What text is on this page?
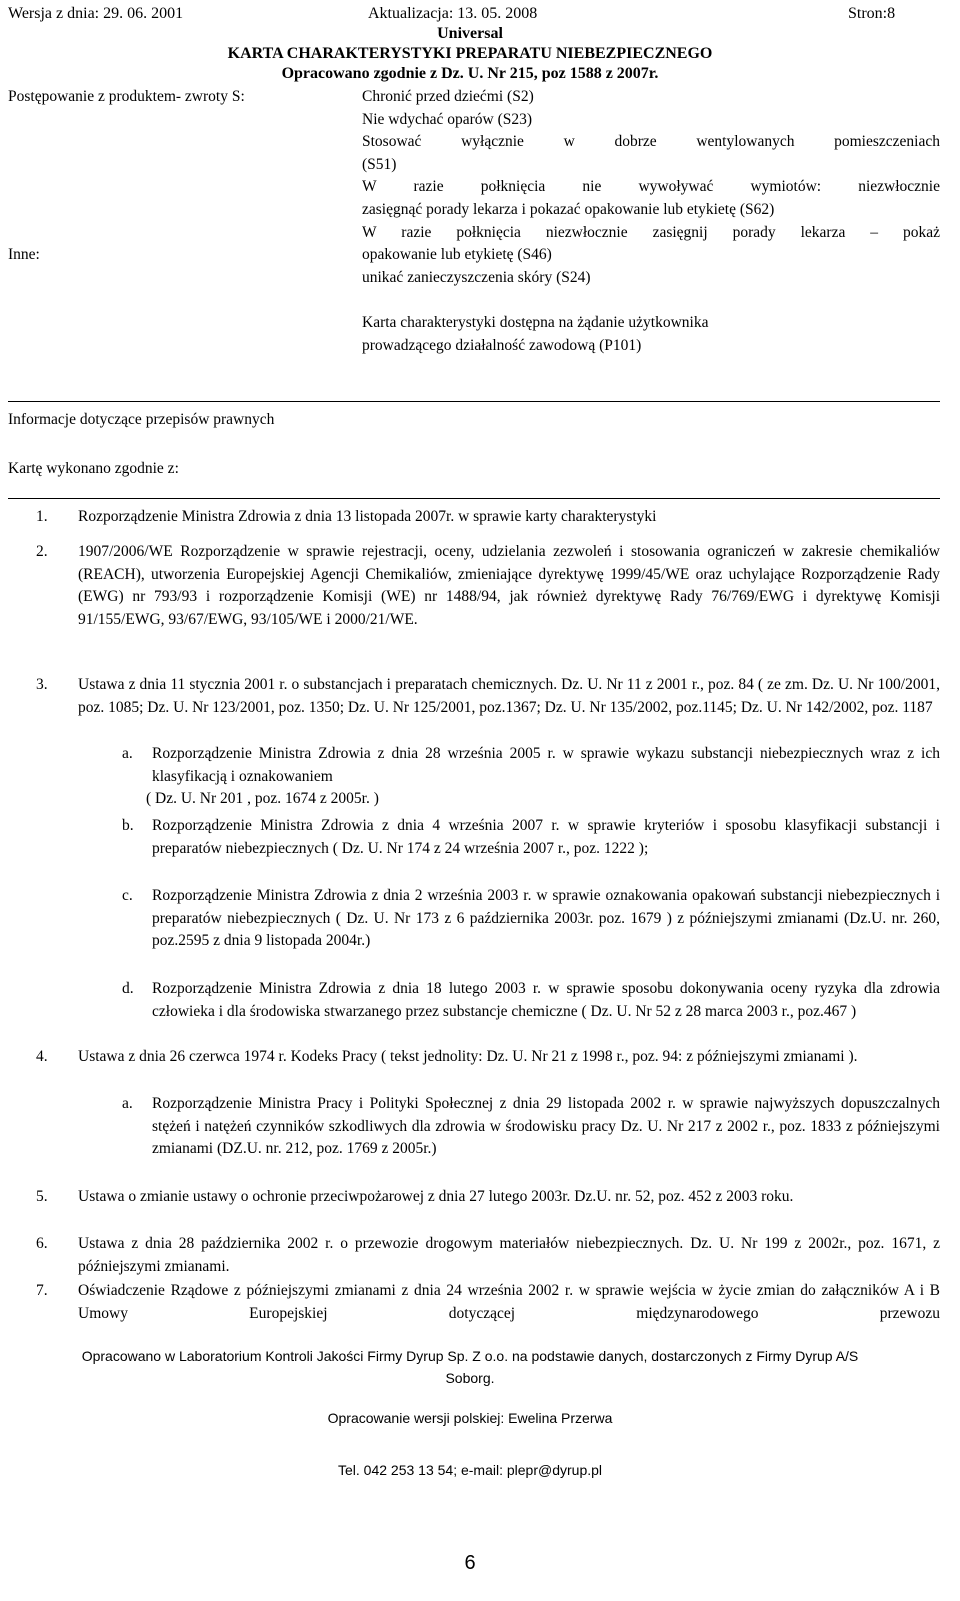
Wersja z dnia: 29. 06. 2001	Aktualizacja: 13. 05. 2008	Stron:8
Universal
KARTA CHARAKTERYSTYKI PREPARATU NIEBEZPIECZNEGO
Opracowano zgodnie z Dz. U. Nr 215, poz 1588 z 2007r.
Postępowanie z produktem- zwroty S:
Inne:
Chronić przed dziećmi (S2)
Nie wdychać oparów (S23)
Stosować wyłącznie w dobrze wentylowanych pomieszczeniach
(S51)
W razie połknięcia nie wywoływać wymiotów: niezwłocznie
zasięgnąć porady lekarza i pokazać opakowanie lub etykietę (S62)
W razie połknięcia niezwłocznie zasięgnij porady lekarza – pokaż
opakowanie lub etykietę (S46)
unikać zanieczyszczenia skóry (S24)
Karta charakterystyki dostępna na żądanie użytkownika
prowadzącego działalność zawodową (P101)
Informacje dotyczące przepisów prawnych
Kartę wykonano zgodnie z:
1. Rozporządzenie Ministra Zdrowia z dnia 13 listopada 2007r. w sprawie karty charakterystyki
2. 1907/2006/WE Rozporządzenie w sprawie rejestracji, oceny, udzielania zezwoleń i stosowania ograniczeń w zakresie chemikaliów (REACH), utworzenia Europejskiej Agencji Chemikaliów, zmieniające dyrektywę 1999/45/WE oraz uchylające Rozporządzenie Rady (EWG) nr 793/93 i rozporządzenie Komisji (WE) nr 1488/94, jak również dyrektywę Rady 76/769/EWG i dyrektywę Komisji 91/155/EWG, 93/67/EWG, 93/105/WE i 2000/21/WE.
3. Ustawa z dnia 11 stycznia 2001 r. o substancjach i preparatach chemicznych. Dz. U. Nr 11 z 2001 r., poz. 84 ( ze zm. Dz. U. Nr 100/2001, poz. 1085; Dz. U. Nr 123/2001, poz. 1350; Dz. U. Nr 125/2001, poz.1367; Dz. U. Nr 135/2002, poz.1145; Dz. U. Nr 142/2002, poz. 1187
a. Rozporządzenie Ministra Zdrowia z dnia 28 września 2005 r. w sprawie wykazu substancji niebezpiecznych wraz z ich klasyfikacją i oznakowaniem
( Dz. U. Nr 201 , poz. 1674 z 2005r. )
b. Rozporządzenie Ministra Zdrowia z dnia 4 września 2007 r. w sprawie kryteriów i sposobu klasyfikacji substancji i preparatów niebezpiecznych ( Dz. U. Nr 174 z 24 września 2007 r., poz. 1222 );
c. Rozporządzenie Ministra Zdrowia z dnia 2 września 2003 r. w sprawie oznakowania opakowań substancji niebezpiecznych i preparatów niebezpiecznych ( Dz. U. Nr 173 z 6 października 2003r. poz. 1679 ) z późniejszymi zmianami (Dz.U. nr. 260, poz.2595 z dnia 9 listopada 2004r.)
d. Rozporządzenie Ministra Zdrowia z dnia 18 lutego 2003 r. w sprawie sposobu dokonywania oceny ryzyka dla zdrowia człowieka i dla środowiska stwarzanego przez substancje chemiczne ( Dz. U. Nr 52 z 28 marca 2003 r., poz.467 )
4. Ustawa z dnia 26 czerwca 1974 r. Kodeks Pracy ( tekst jednolity: Dz. U. Nr 21 z 1998 r., poz. 94: z późniejszymi zmianami ).
a. Rozporządzenie Ministra Pracy i Polityki Społecznej z dnia 29 listopada 2002 r. w sprawie najwyższych dopuszczalnych stężeń i natężeń czynników szkodliwych dla zdrowia w środowisku pracy Dz. U. Nr 217 z 2002 r., poz. 1833 z późniejszymi zmianami (DZ.U. nr. 212, poz. 1769 z 2005r.)
5. Ustawa o zmianie ustawy o ochronie przeciwpożarowej z dnia 27 lutego 2003r. Dz.U. nr. 52, poz. 452 z 2003 roku.
6. Ustawa z dnia 28 października 2002 r. o przewozie drogowym materiałów niebezpiecznych. Dz. U. Nr 199 z 2002r., poz. 1671, z późniejszymi zmianami.
7. Oświadczenie Rządowe z późniejszymi zmianami z dnia 24 września 2002 r. w sprawie wejścia w życie zmian do załączników A i B Umowy Europejskiej dotyczącej międzynarodowego przewozu
Opracowano w Laboratorium Kontroli Jakości Firmy Dyrup Sp. Z o.o. na podstawie danych, dostarczonych z Firmy Dyrup A/S
Soborg.
Opracowanie wersji polskiej: Ewelina Przerwa
Tel. 042 253 13 54; e-mail: plepr@dyrup.pl
6
